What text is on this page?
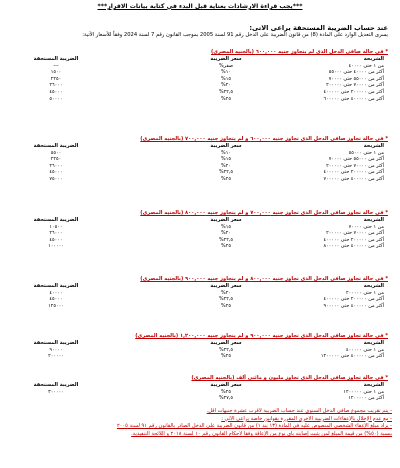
***يجب قراءة الارشادات بعناية قبل البدء في كتابة بيانات الاقرار***
عند حساب الضريبة المستحقة يراعى الاتى:
يسرى التعديل الوارد على المادة (8) من قانون الضريبة على الدخل رقم 91 لسنة 2005 بموجب القانون رقم 7 لسنة 2024 وفقاً للأسعار الأتية:
* في حالة صافي الدخل الذي لم يتجاوز جنيه ٦٠٠,٠٠٠ (بالجنيه المصري)
الشريحة
سعر الضريبة
الضريبة المستحقة
من ١ حتى ٤٠٠٠٠
صفر%
---
أكثر من ٤٠٠٠٠ حتى ٥٥٠٠٠
١٠%
١٥٠٠
أكثر من ٥٥٠٠٠ حتى ٧٠٠٠٠
١٥%
٢٢٥٠
أكثر من ٧٠٠٠٠ حتى ٢٠٠٠٠٠
٢٠%
٢٦٠٠٠
أكثر من ٢٠٠٠٠٠ حتى ٤٠٠٠٠٠
٢٢,٥%
٤٥٠٠٠
أكثر من ٤٠٠٠٠٠ حتى ٦٠٠٠٠٠
٢٥%
٥٠٠٠٠
* في حالة تجاوز صافي الدخل الذي تجاوز جنيه ٦٠٠,٠٠٠ و لم يتجاوز جنيه ٧٠٠,٠٠٠ (بالجنيه المصري)
الشريحة
سعر الضريبة
الضريبة المستحقة
من ١ حتى ٥٥٠٠٠
١٠%
٥٥٠٠
أكثر من ٥٥٠٠٠ حتى ٧٠٠٠٠
١٥%
٢٢٥٠
أكثر من ٧٠٠٠٠ حتى ٢٠٠٠٠٠
٢٠%
٢٦٠٠٠
أكثر من ٢٠٠٠٠٠ حتى ٤٠٠٠٠٠
٢٢,٥%
٤٥٠٠٠
أكثر من ٤٠٠٠٠٠ حتى ٧٠٠٠٠٠
٢٥%
٧٥٠٠٠
* في حالة تجاوز صافي الدخل الذي تجاوز جنيه ٧٠٠,٠٠٠ و لم يتجاوز جنيه ٨٠٠,٠٠٠ (بالجنيه المصري)
الشريحة
سعر الضريبة
الضريبة المستحقة
من ١ حتى ٧٠٠٠٠
١٥%
١٠٥٠٠
أكثر من ٧٠٠٠٠ حتى ٢٠٠٠٠٠
٢٠%
٢٦٠٠٠
أكثر من ٢٠٠٠٠٠ حتى ٤٠٠٠٠٠
٢٢,٥%
٤٥٠٠٠
أكثر من ٤٠٠٠٠٠ حتى ٨٠٠٠٠٠
٢٥%
١٠٠٠٠٠
* في حالة تجاوز صافي الدخل الذي تجاوز جنيه ٨٠٠,٠٠٠ و لم يتجاوز جنيه ٩٠٠,٠٠٠ (بالجنيه المصري)
الشريحة
سعر الضريبة
الضريبة المستحقة
من ١ حتى ٢٠٠٠٠٠
٢٠%
٤٠٠٠٠
أكثر من ٢٠٠٠٠٠ حتى ٤٠٠٠٠٠
٢٢,٥%
٤٥٠٠٠
أكثر من ٤٠٠٠٠٠ حتى ٩٠٠٠٠٠
٢٥%
١٢٥٠٠٠
* في حالة تجاوز صافي الدخل الذي تجاوز جنيه ٩٠٠,٠٠٠ و لم يتجاوز جنيه ١,٢٠٠,٠٠٠ (بالجنيه المصري)
الشريحة
سعر الضريبة
الضريبة المستحقة
من ١ حتى ٤٠٠٠٠٠
٢٢,٥%
٩٠٠٠٠
أكثر من ٤٠٠٠٠٠ حتى ١٢٠٠٠٠٠
٢٥%
٢٠٠٠٠٠
* في حالة تجاوز صافي الدخل الذي تجاوز مليون و مائتي ألف (بالجنيه المصري)
الشريحة
سعر الضريبة
الضريبة المستحقة
من ١ حتى ١٢٠٠٠٠٠
٢٥%
٣٠٠٠٠٠
أكثر من ١٢٠٠٠٠٠
٢٧,٥%
- يتم تقريب مجموع صافي الدخل السنوي عند حساب الضريبة لأقرب عشرة جنيهات أقل.
- مع عدم الإخلال بالإعفاءات الضريبية الأخرى المقررة بقوانين خاصة يراعى الآتي :
- يزاد مبلغ الإعفاء الشخصي المنصوص عليه في المادة (١٣ بند ١) من قانون الضريبة على الدخل الصادر بالقانون رقم ٩١ لسنة ٢٠٠٥
بنسبة (٥٠%) من قيمة المبلغ لمن يثبت إصابته بأي نوع من الإعاقة وفقاً لأحكام القانون رقم ١٠ لسنة ٢٠١٨ و اللائحة التنفيذية.
